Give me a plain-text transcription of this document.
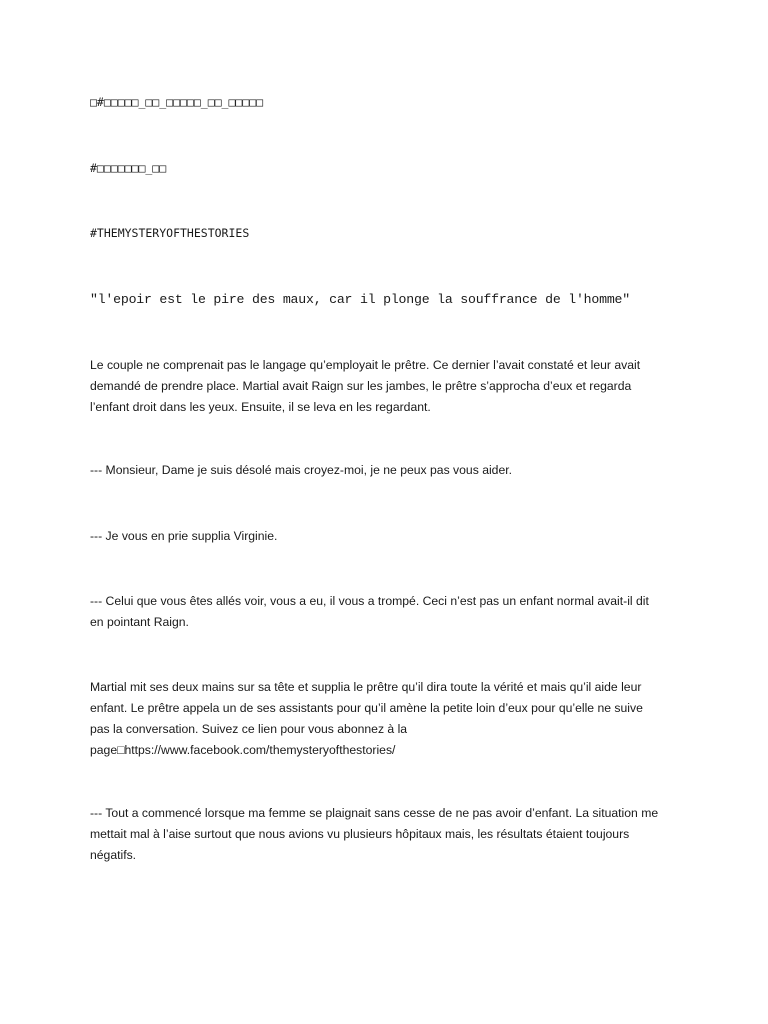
□#□□□□□_□□_□□□□□_□□_□□□□□
#□□□□□□□_□□
#THEMYSTERYOFTHESTORIES
"l'epoir est le pire des maux, car il plonge la souffrance de l'homme"

Le couple ne comprenait pas le langage qu’employait le prêtre. Ce dernier l’avait constaté et leur avait
demandé de prendre place. Martial avait Raign sur les jambes, le prêtre s’approcha d’eux et regarda
l’enfant droit dans les yeux. Ensuite, il se leva en les regardant.

--- Monsieur, Dame je suis désolé mais croyez-moi, je ne peux pas vous aider.

--- Je vous en prie supplia Virginie.

--- Celui que vous êtes allés voir, vous a eu, il vous a trompé. Ceci n’est pas un enfant normal avait-il dit
en pointant Raign.

Martial mit ses deux mains sur sa tête et supplia le prêtre qu’il dira toute la vérité et mais qu’il aide leur
enfant. Le prêtre appela un de ses assistants pour qu’il amène la petite loin d’eux pour qu’elle ne suive
pas la conversation. Suivez ce lien pour vous abonnez à la
page□https://www.facebook.com/themysteryofthestories/

--- Tout a commencé lorsque ma femme se plaignait sans cesse de ne pas avoir d’enfant. La situation me
mettait mal à l’aise surtout que nous avions vu plusieurs hôpitaux mais, les résultats étaient toujours
négatifs.
